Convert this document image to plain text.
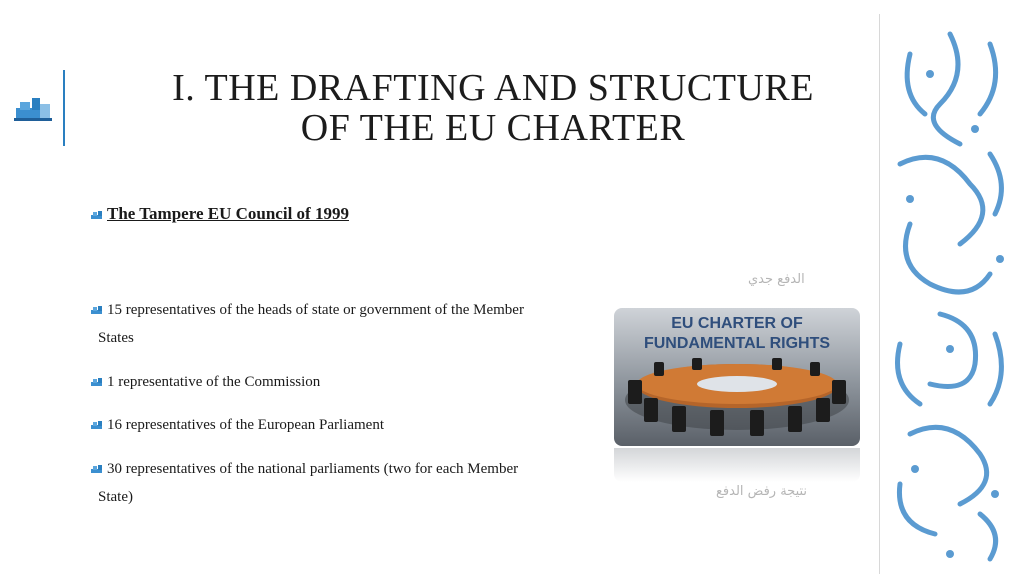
I. THE DRAFTING AND STRUCTURE
OF THE EU CHARTER
The Tampere EU Council of 1999
15 representatives of the heads of state or government of the Member
States
1 representative of the Commission
16 representatives of the European Parliament
30 representatives of the national parliaments (two for each Member
State)
الدفع جدي
EU CHARTER OF
FUNDAMENTAL RIGHTS
نتيجة رفض الدفع
